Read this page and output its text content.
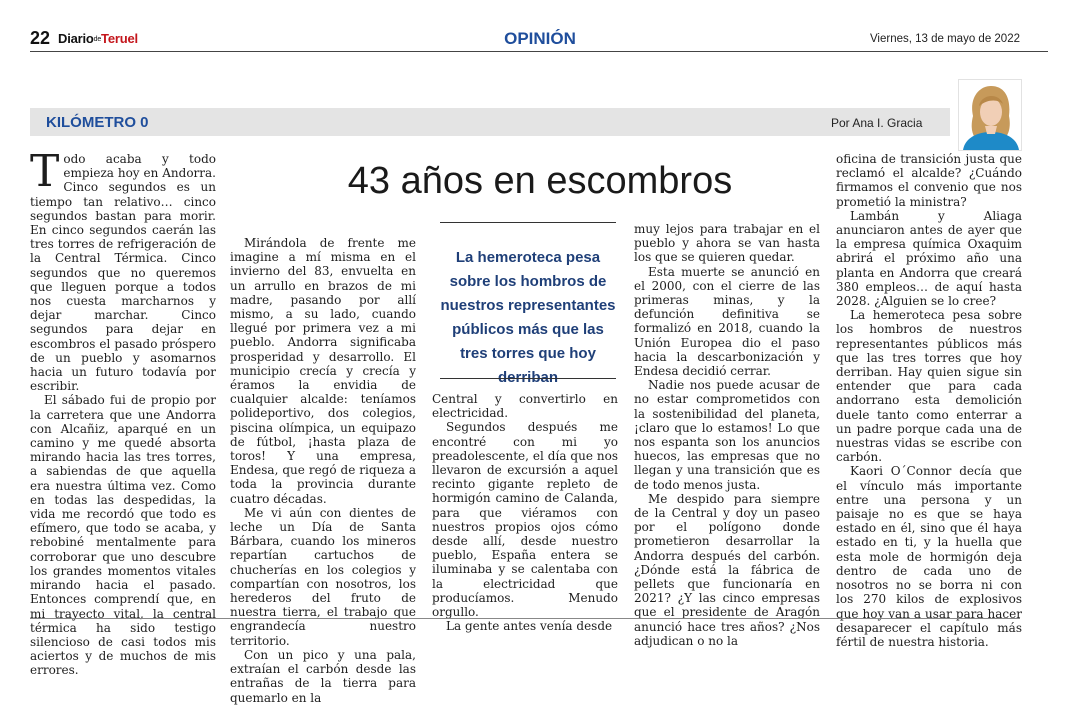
22 DiariodeTeruel	OPINIÓN	Viernes, 13 de mayo de 2022
KILÓMETRO 0	Por Ana I. Gracia
43 años en escombros

Todo acaba y todo empieza hoy en Andorra. Cinco segundos es un tiempo tan relativo… cinco segundos bastan para morir. En cinco segundos caerán las tres torres de refrigeración de la Central Térmica. Cinco segundos que no queremos que lleguen porque a todos nos cuesta marcharnos y dejar marchar. Cinco segundos para dejar en escombros el pasado próspero de un pueblo y asomarnos hacia un futuro todavía por escribir.

El sábado fui de propio por la carretera que une Andorra con Alcañiz, aparqué en un camino y me quedé absorta mirando hacia las tres torres, a sabiendas de que aquella era nuestra última vez. Como en todas las despedidas, la vida me recordó que todo es efímero, que todo se acaba, y rebobiné mentalmente para corroborar que uno descubre los grandes momentos vitales mirando hacia el pasado. Entonces comprendí que, en mi trayecto vital, la central térmica ha sido testigo silencioso de casi todos mis aciertos y de muchos de mis errores.

Mirándola de frente me imagine a mí misma en el invierno del 83, envuelta en un arrullo en brazos de mi madre, pasando por allí mismo, a su lado, cuando llegué por primera vez a mi pueblo. Andorra significaba prosperidad y desarrollo. El municipio crecía y crecía y éramos la envidia de cualquier alcalde: teníamos polideportivo, dos colegios, piscina olímpica, un equipazo de fútbol, ¡hasta plaza de toros! Y una empresa, Endesa, que regó de riqueza a toda la provincia durante cuatro décadas.

Me vi aún con dientes de leche un Día de Santa Bárbara, cuando los mineros repartían cartuchos de chucherías en los colegios y compartían con nosotros, los herederos del fruto de nuestra tierra, el trabajo que engrandecía nuestro territorio.

Con un pico y una pala, extraían el carbón desde las entrañas de la tierra para quemarlo en la

La hemeroteca pesa sobre los hombros de nuestros representantes públicos más que las tres torres que hoy derriban

Central y convertirlo en electricidad.

Segundos después me encontré con mi yo preadolescente, el día que nos llevaron de excursión a aquel recinto gigante repleto de hormigón camino de Calanda, para que viéramos con nuestros propios ojos cómo desde allí, desde nuestro pueblo, España entera se iluminaba y se calentaba con la electricidad que producíamos. Menudo orgullo.

La gente antes venía desde

muy lejos para trabajar en el pueblo y ahora se van hasta los que se quieren quedar.

Esta muerte se anunció en el 2000, con el cierre de las primeras minas, y la defunción definitiva se formalizó en 2018, cuando la Unión Europea dio el paso hacia la descarbonización y Endesa decidió cerrar.

Nadie nos puede acusar de no estar comprometidos con la sostenibilidad del planeta, ¡claro que lo estamos! Lo que nos espanta son los anuncios huecos, las empresas que no llegan y una transición que es de todo menos justa.

Me despido para siempre de la Central y doy un paseo por el polígono donde prometieron desarrollar la Andorra después del carbón. ¿Dónde está la fábrica de pellets que funcionaría en 2021? ¿Y las cinco empresas que el presidente de Aragón anunció hace tres años? ¿Nos adjudican o no la

oficina de transición justa que reclamó el alcalde? ¿Cuándo firmamos el convenio que nos prometió la ministra?

Lambán y Aliaga anunciaron antes de ayer que la empresa química Oxaquim abrirá el próximo año una planta en Andorra que creará 380 empleos… de aquí hasta 2028. ¿Alguien se lo cree?

La hemeroteca pesa sobre los hombros de nuestros representantes públicos más que las tres torres que hoy derriban. Hay quien sigue sin entender que para cada andorrano esta demolición duele tanto como enterrar a un padre porque cada una de nuestras vidas se escribe con carbón.

Kaori O´Connor decía que el vínculo más importante entre una persona y un paisaje no es que se haya estado en él, sino que él haya estado en ti, y la huella que esta mole de hormigón deja dentro de cada uno de nosotros no se borra ni con los 270 kilos de explosivos que hoy van a usar para hacer desaparecer el capítulo más fértil de nuestra historia.
